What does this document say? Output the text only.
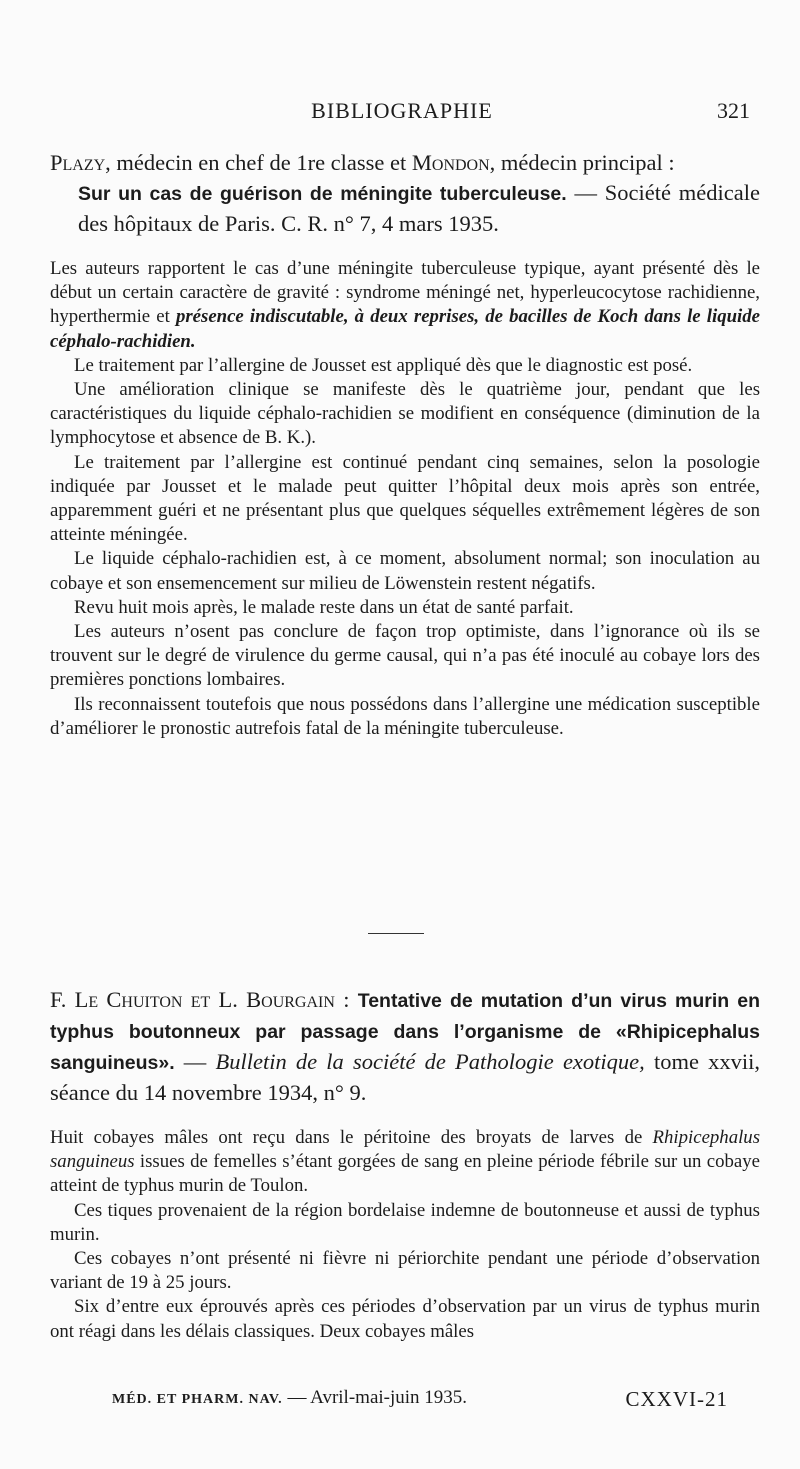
BIBLIOGRAPHIE	321
Plazy, médecin en chef de 1re classe et Mondon, médecin principal :
Sur un cas de guérison de méningite tuberculeuse. — Société médicale des hôpitaux de Paris. C. R. n° 7, 4 mars 1935.

Les auteurs rapportent le cas d’une méningite tuberculeuse typique, ayant présenté dès le début un certain caractère de gravité : syndrome méningé net, hyperleucocytose rachidienne, hyperthermie et présence indiscutable, à deux reprises, de bacilles de Koch dans le liquide céphalo-rachidien.

Le traitement par l’allergine de Jousset est appliqué dès que le diagnostic est posé.

Une amélioration clinique se manifeste dès le quatrième jour, pendant que les caractéristiques du liquide céphalo-rachidien se modifient en conséquence (diminution de la lymphocytose et absence de B. K.).

Le traitement par l’allergine est continué pendant cinq semaines, selon la posologie indiquée par Jousset et le malade peut quitter l’hôpital deux mois après son entrée, apparemment guéri et ne présentant plus que quelques séquelles extrêmement légères de son atteinte méningée.

Le liquide céphalo-rachidien est, à ce moment, absolument normal; son inoculation au cobaye et son ensemencement sur milieu de Löwenstein restent négatifs.

Revu huit mois après, le malade reste dans un état de santé parfait.

Les auteurs n’osent pas conclure de façon trop optimiste, dans l’ignorance où ils se trouvent sur le degré de virulence du germe causal, qui n’a pas été inoculé au cobaye lors des premières ponctions lombaires.

Ils reconnaissent toutefois que nous possédons dans l’allergine une médication susceptible d’améliorer le pronostic autrefois fatal de la méningite tuberculeuse.

F. Le Chuiton et L. Bourgain : Tentative de mutation d’un virus murin en typhus boutonneux par passage dans l’organisme de «Rhipicephalus sanguineus». — Bulletin de la société de Pathologie exotique, tome xxvii, séance du 14 novembre 1934, n° 9.

Huit cobayes mâles ont reçu dans le péritoine des broyats de larves de Rhipicephalus sanguineus issues de femelles s’étant gorgées de sang en pleine période fébrile sur un cobaye atteint de typhus murin de Toulon.

Ces tiques provenaient de la région bordelaise indemne de boutonneuse et aussi de typhus murin.

Ces cobayes n’ont présenté ni fièvre ni périorchite pendant une période d’observation variant de 19 à 25 jours.

Six d’entre eux éprouvés après ces périodes d’observation par un virus de typhus murin ont réagi dans les délais classiques. Deux cobayes mâles

MÉD. ET PHARM. NAV. — Avril-mai-juin 1935.	CXXVI-21
